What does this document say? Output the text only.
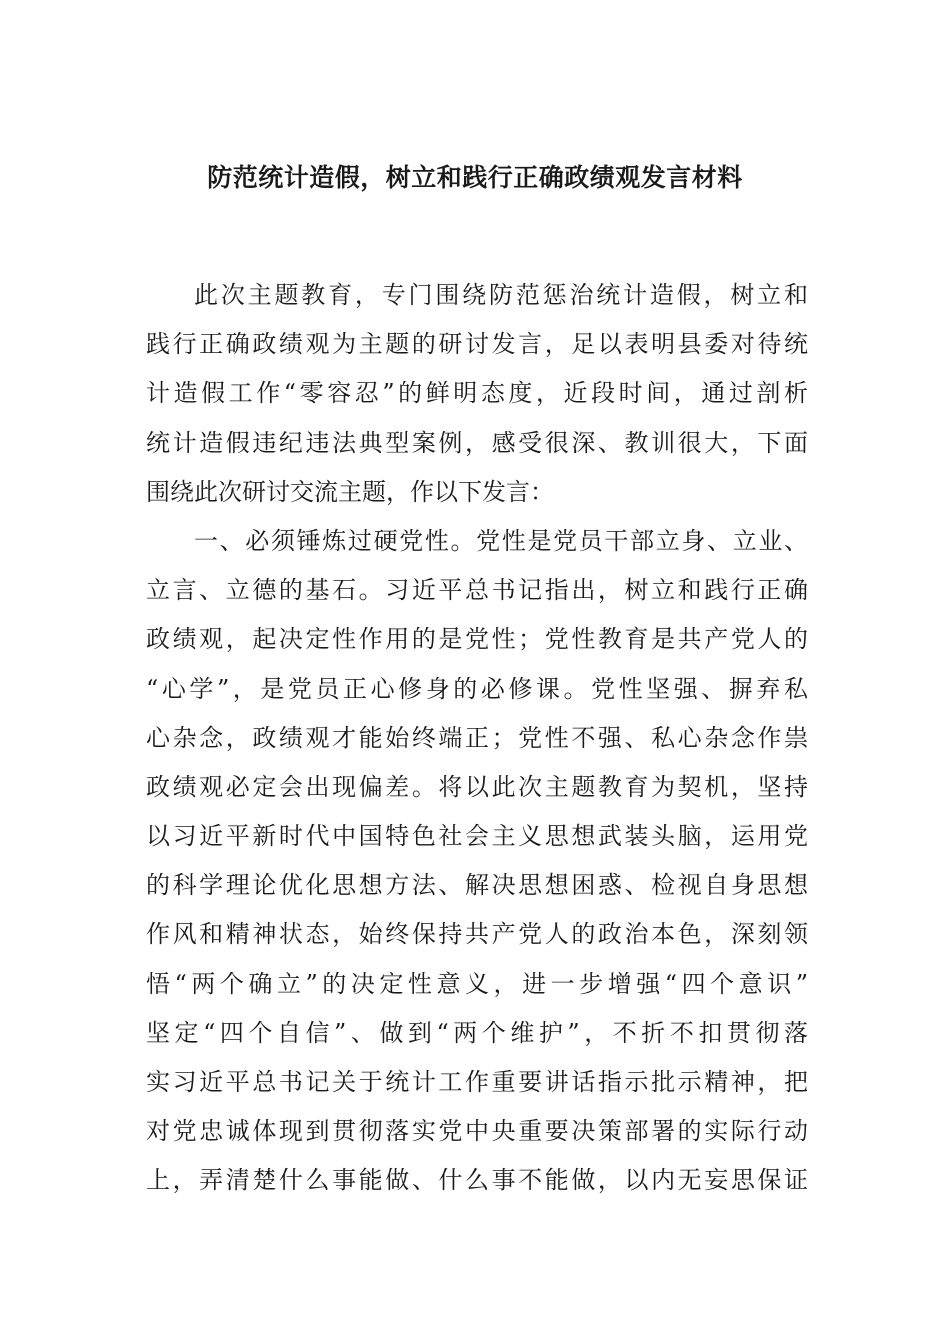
防范统计造假，树立和践行正确政绩观发言材料
此次主题教育，专门围绕防范惩治统计造假，树立和
践行正确政绩观为主题的研讨发言，足以表明县委对待统
计造假工作“零容忍”的鲜明态度，近段时间，通过剖析
统计造假违纪违法典型案例，感受很深、教训很大，下面
围绕此次研讨交流主题，作以下发言：
一、必须锤炼过硬党性。党性是党员干部立身、立业、
立言、立德的基石。习近平总书记指出，树立和践行正确
政绩观，起决定性作用的是党性；党性教育是共产党人的
“心学”，是党员正心修身的必修课。党性坚强、摒弃私
心杂念，政绩观才能始终端正；党性不强、私心杂念作祟
政绩观必定会出现偏差。将以此次主题教育为契机，坚持
以习近平新时代中国特色社会主义思想武装头脑，运用党
的科学理论优化思想方法、解决思想困惑、检视自身思想
作风和精神状态，始终保持共产党人的政治本色，深刻领
悟“两个确立”的决定性意义，进一步增强“四个意识”
坚定“四个自信”、做到“两个维护”，不折不扣贯彻落
实习近平总书记关于统计工作重要讲话指示批示精神，把
对党忠诚体现到贯彻落实党中央重要决策部署的实际行动
上，弄清楚什么事能做、什么事不能做，以内无妄思保证
